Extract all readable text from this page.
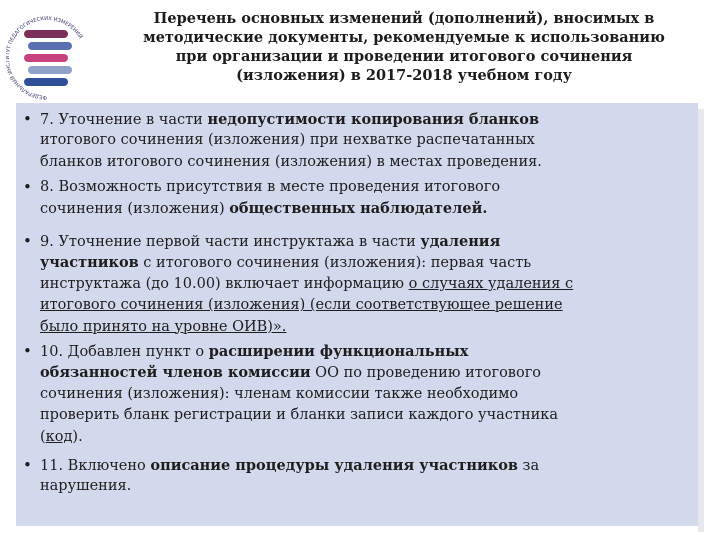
ФЕДЕРАЛЬНЫЙ ИН УТ ПЕДАГОГИЧЕСКИХ ИЗМЕРЕНИЙ
Перечень основных изменений (дополнений), вносимых в
методические документы, рекомендуемые к использованию
при организации и проведении итогового сочинения
(изложения) в 2017-2018 учебном году
• 7. Уточнение в части недопустимости копирования бланков
итогового сочинения (изложения) при нехватке распечатанных
бланков итогового сочинения (изложения) в местах проведения.
• 8. Возможность присутствия в месте проведения итогового
сочинения (изложения) общественных наблюдателей.
• 9. Уточнение первой части инструктажа в части удаления
участников с итогового сочинения (изложения): первая часть
инструктажа (до 10.00) включает информацию о случаях удаления с
итогового сочинения (изложения) (если соответствующее решение
было принято на уровне ОИВ)».
• 10. Добавлен пункт о расширении функциональных
обязанностей членов комиссии ОО по проведению итогового
сочинения (изложения): членам комиссии также необходимо
проверить бланк регистрации и бланки записи каждого участника
(код).
• 11. Включено описание процедуры удаления участников за
нарушения.
